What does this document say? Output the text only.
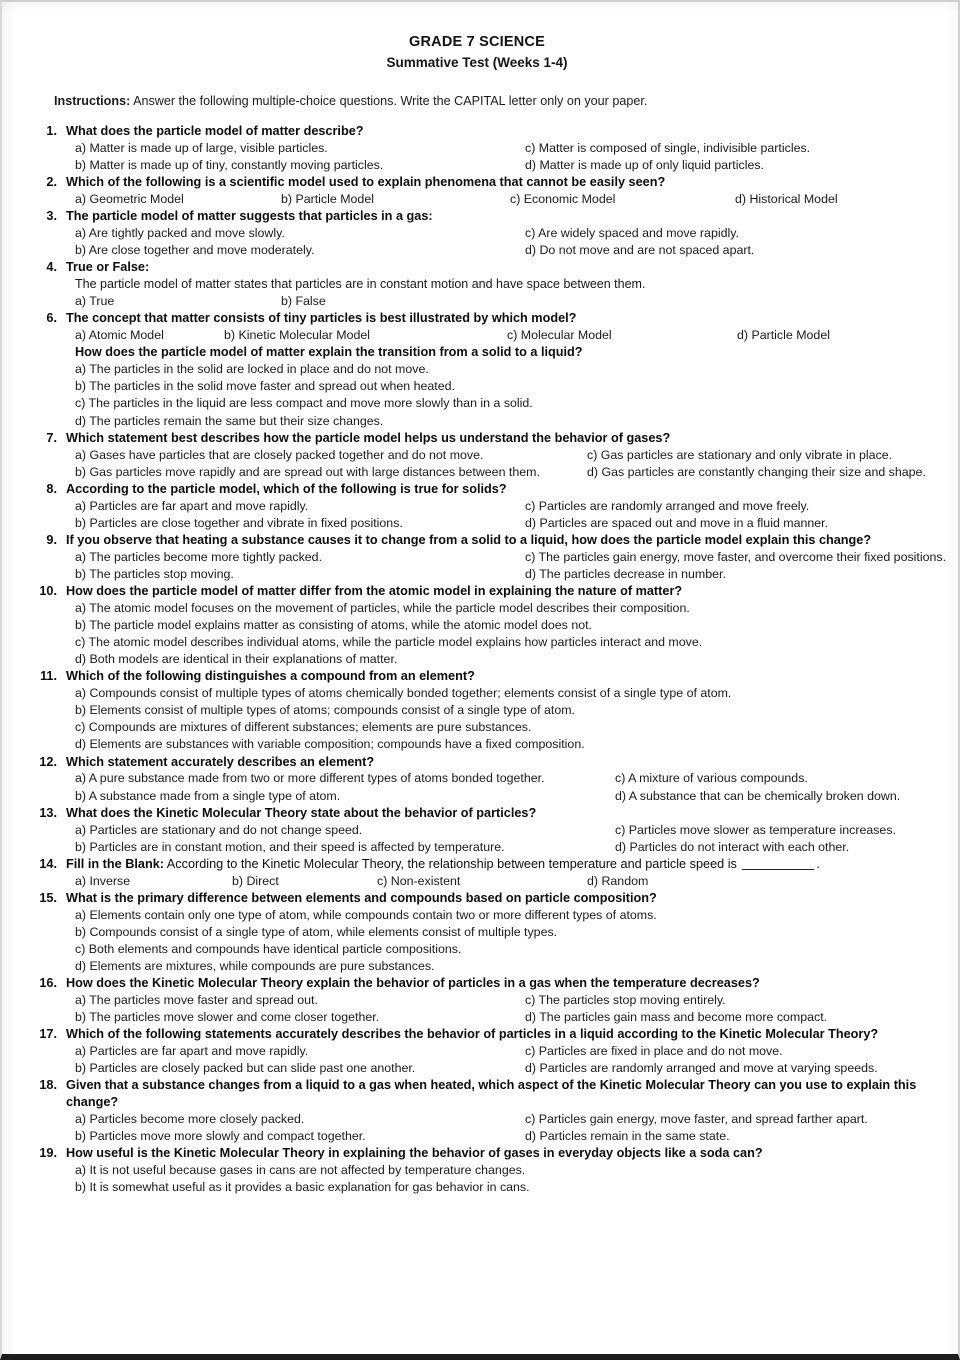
GRADE 7 SCIENCE
Summative Test (Weeks 1-4)

Instructions: Answer the following multiple-choice questions. Write the CAPITAL letter only on your paper.

1. What does the particle model of matter describe?
a) Matter is made up of large, visible particles.	c) Matter is composed of single, indivisible particles.
b) Matter is made up of tiny, constantly moving particles.	d) Matter is made up of only liquid particles.
2. Which of the following is a scientific model used to explain phenomena that cannot be easily seen?
a) Geometric Model	b) Particle Model	c) Economic Model	d) Historical Model
3. The particle model of matter suggests that particles in a gas:
a) Are tightly packed and move slowly.	c) Are widely spaced and move rapidly.
b) Are close together and move moderately.	d) Do not move and are not spaced apart.
4. True or False:
The particle model of matter states that particles are in constant motion and have space between them.
a) True	b) False
6. The concept that matter consists of tiny particles is best illustrated by which model?
a) Atomic Model	b) Kinetic Molecular Model	c) Molecular Model	d) Particle Model
How does the particle model of matter explain the transition from a solid to a liquid?
a) The particles in the solid are locked in place and do not move.
b) The particles in the solid move faster and spread out when heated.
c) The particles in the liquid are less compact and move more slowly than in a solid.
d) The particles remain the same but their size changes.
7. Which statement best describes how the particle model helps us understand the behavior of gases?
a) Gases have particles that are closely packed together and do not move.	c) Gas particles are stationary and only vibrate in place.
b) Gas particles move rapidly and are spread out with large distances between them.	d) Gas particles are constantly changing their size and shape.
8. According to the particle model, which of the following is true for solids?
a) Particles are far apart and move rapidly.	c) Particles are randomly arranged and move freely.
b) Particles are close together and vibrate in fixed positions.	d) Particles are spaced out and move in a fluid manner.
9. If you observe that heating a substance causes it to change from a solid to a liquid, how does the particle model explain this change?
a) The particles become more tightly packed.	c) The particles gain energy, move faster, and overcome their fixed positions.
b) The particles stop moving.	d) The particles decrease in number.
10. How does the particle model of matter differ from the atomic model in explaining the nature of matter?
a) The atomic model focuses on the movement of particles, while the particle model describes their composition.
b) The particle model explains matter as consisting of atoms, while the atomic model does not.
c) The atomic model describes individual atoms, while the particle model explains how particles interact and move.
d) Both models are identical in their explanations of matter.
11. Which of the following distinguishes a compound from an element?
a) Compounds consist of multiple types of atoms chemically bonded together; elements consist of a single type of atom.
b) Elements consist of multiple types of atoms; compounds consist of a single type of atom.
c) Compounds are mixtures of different substances; elements are pure substances.
d) Elements are substances with variable composition; compounds have a fixed composition.
12. Which statement accurately describes an element?
a) A pure substance made from two or more different types of atoms bonded together.	c) A mixture of various compounds.
b) A substance made from a single type of atom.	d) A substance that can be chemically broken down.
13. What does the Kinetic Molecular Theory state about the behavior of particles?
a) Particles are stationary and do not change speed.	c) Particles move slower as temperature increases.
b) Particles are in constant motion, and their speed is affected by temperature.	d) Particles do not interact with each other.
14. Fill in the Blank: According to the Kinetic Molecular Theory, the relationship between temperature and particle speed is	.
a) Inverse	b) Direct	c) Non-existent	d) Random
15. What is the primary difference between elements and compounds based on particle composition?
a) Elements contain only one type of atom, while compounds contain two or more different types of atoms.
b) Compounds consist of a single type of atom, while elements consist of multiple types.
c) Both elements and compounds have identical particle compositions.
d) Elements are mixtures, while compounds are pure substances.
16. How does the Kinetic Molecular Theory explain the behavior of particles in a gas when the temperature decreases?
a) The particles move faster and spread out.	c) The particles stop moving entirely.
b) The particles move slower and come closer together.	d) The particles gain mass and become more compact.
17. Which of the following statements accurately describes the behavior of particles in a liquid according to the Kinetic Molecular Theory?
a) Particles are far apart and move rapidly.	c) Particles are fixed in place and do not move.
b) Particles are closely packed but can slide past one another.	d) Particles are randomly arranged and move at varying speeds.
18. Given that a substance changes from a liquid to a gas when heated, which aspect of the Kinetic Molecular Theory can you use to explain this change?
a) Particles become more closely packed.	c) Particles gain energy, move faster, and spread farther apart.
b) Particles move more slowly and compact together.	d) Particles remain in the same state.
19. How useful is the Kinetic Molecular Theory in explaining the behavior of gases in everyday objects like a soda can?
a) It is not useful because gases in cans are not affected by temperature changes.
b) It is somewhat useful as it provides a basic explanation for gas behavior in cans.
